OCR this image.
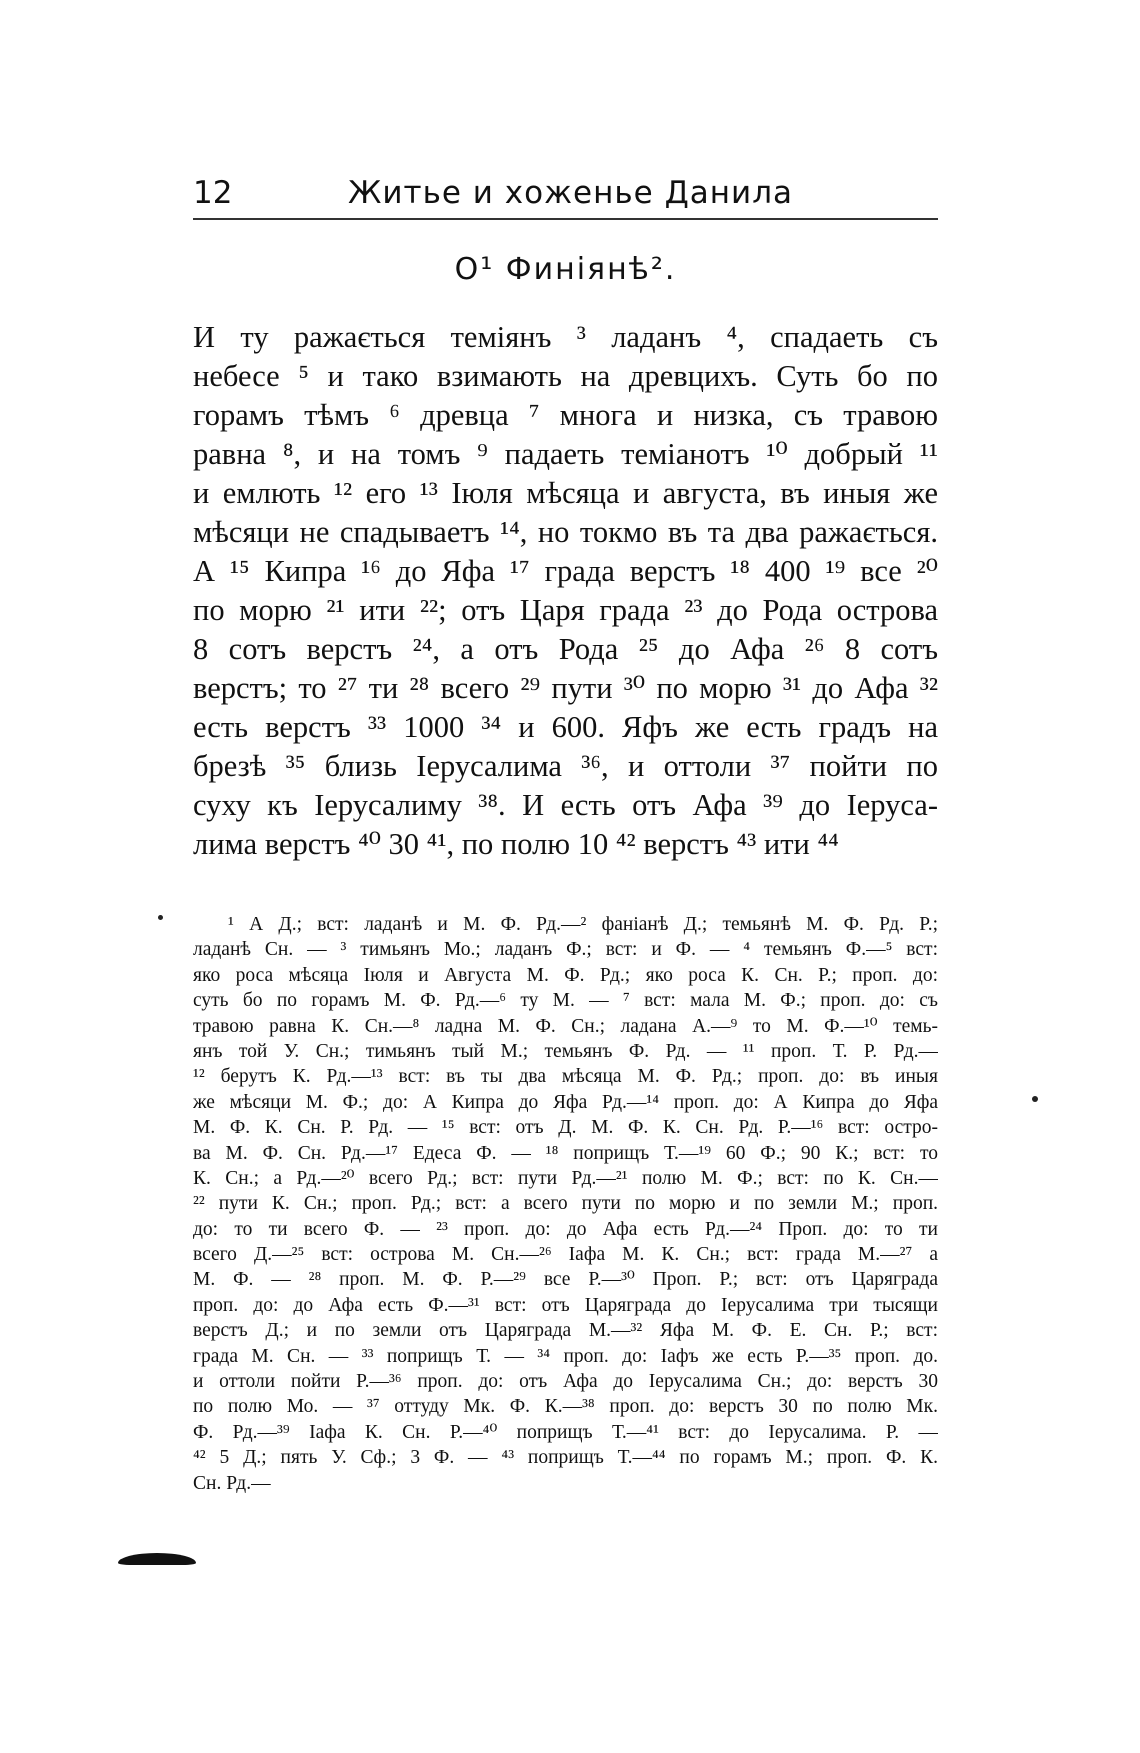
12	Житье и хоженье Данила
О¹ Финіянѣ².
И ту ражається теміянъ ³ ладанъ ⁴, спадаеть съ
небесе ⁵ и тако взимають на древцихъ. Суть бо по
горамъ тѣмъ ⁶ древца ⁷ многа и низка, съ травою
равна ⁸, и на томъ ⁹ падаеть теміанотъ ¹⁰ добрый ¹¹
и емлють ¹² его ¹³ Іюля мѣсяца и августа, въ иныя же
мѣсяци не спадываетъ ¹⁴, но токмо въ та два ражається.
А ¹⁵ Кипра ¹⁶ до Яфа ¹⁷ града верстъ ¹⁸ 400 ¹⁹ все ²⁰
по морю ²¹ ити ²²; отъ Царя града ²³ до Рода острова
8 сотъ верстъ ²⁴, а отъ Рода ²⁵ до Афа ²⁶ 8 сотъ
верстъ; то ²⁷ ти ²⁸ всего ²⁹ пути ³⁰ по морю ³¹ до Афа ³²
есть верстъ ³³ 1000 ³⁴ и 600. Яфъ же есть градъ на
брезѣ ³⁵ близь Іерусалима ³⁶, и оттоли ³⁷ пойти по
суху къ Іерусалиму ³⁸. И есть отъ Афа ³⁹ до Іеруса-
лима верстъ ⁴⁰ 30 ⁴¹, по полю 10 ⁴² верстъ ⁴³ ити ⁴⁴
¹ А Д.; вст: ладанѣ и М. Ф. Рд.—² фаніанѣ Д.; темьянѣ М. Ф. Рд. Р.;
ладанѣ Сн. — ³ тимьянъ Мо.; ладанъ Ф.; вст: и Ф. — ⁴ темьянъ Ф.—⁵ вст:
яко роса мѣсяца Іюля и Августа М. Ф. Рд.; яко роса К. Сн. Р.; проп. до:
суть бо по горамъ М. Ф. Рд.—⁶ ту М. — ⁷ вст: мала М. Ф.; проп. до: съ
травою равна К. Сн.—⁸ ладна М. Ф. Сн.; ладана А.—⁹ то М. Ф.—¹⁰ темь-
янъ той У. Сн.; тимьянъ тый М.; темьянъ Ф. Рд. — ¹¹ проп. Т. Р. Рд.—
¹² берутъ К. Рд.—¹³ вст: въ ты два мѣсяца М. Ф. Рд.; проп. до: въ иныя
же мѣсяци М. Ф.; до: А Кипра до Яфа Рд.—¹⁴ проп. до: А Кипра до Яфа
М. Ф. К. Сн. Р. Рд. — ¹⁵ вст: отъ Д. М. Ф. К. Сн. Рд. Р.—¹⁶ вст: остро-
ва М. Ф. Сн. Рд.—¹⁷ Едеса Ф. — ¹⁸ поприщъ Т.—¹⁹ 60 Ф.; 90 К.; вст: то
К. Сн.; а Рд.—²⁰ всего Рд.; вст: пути Рд.—²¹ полю М. Ф.; вст: по К. Сн.—
²² пути К. Сн.; проп. Рд.; вст: а всего пути по морю и по земли М.; проп.
до: то ти всего Ф. — ²³ проп. до: до Афа есть Рд.—²⁴ Проп. до: то ти
всего Д.—²⁵ вст: острова М. Сн.—²⁶ Іафа М. К. Сн.; вст: града М.—²⁷ а
М. Ф. — ²⁸ проп. М. Ф. Р.—²⁹ все Р.—³⁰ Проп. Р.; вст: отъ Царяграда
проп. до: до Афа есть Ф.—³¹ вст: отъ Царяграда до Іерусалима три тысящи
верстъ Д.; и по земли отъ Царяграда М.—³² Яфа М. Ф. Е. Сн. Р.; вст:
града М. Сн. — ³³ поприщъ Т. — ³⁴ проп. до: Іафъ же есть Р.—³⁵ проп. до.
и оттоли пойти Р.—³⁶ проп. до: отъ Афа до Іерусалима Сн.; до: верстъ 30
по полю Мо. — ³⁷ оттуду Мк. Ф. К.—³⁸ проп. до: верстъ 30 по полю Мк.
Ф. Рд.—³⁹ Іафа К. Сн. Р.—⁴⁰ поприщъ Т.—⁴¹ вст: до Іерусалима. Р. —
⁴² 5 Д.; пять У. Сф.; 3 Ф. — ⁴³ поприщъ Т.—⁴⁴ по горамъ М.; проп. Ф. К.
Сн. Рд.—
